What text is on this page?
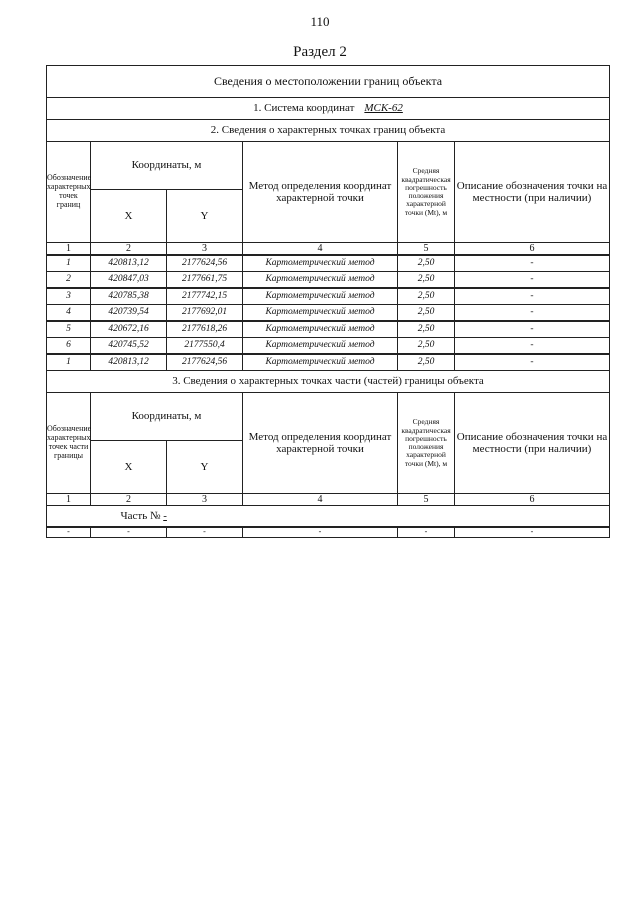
110
Раздел 2
Сведения о местоположении границ объекта					
1. Система координат МСК-62					
2. Сведения о характерных точках границ объекта					
Обозначение характерных точек границ	Координаты, м		Метод определения координат характерной точки	Средняя квадратическая погрешность положения характерной точки (Мt), м	Описание обозначения точки на местности (при наличии)
	X	Y			
1	2	3	4	5	6
1	420813,12	2177624,56	Картометрический метод	2,50	-
2	420847,03	2177661,75	Картометрический метод	2,50	-
3	420785,38	2177742,15	Картометрический метод	2,50	-
4	420739,54	2177692,01	Картометрический метод	2,50	-
5	420672,16	2177618,26	Картометрический метод	2,50	-
6	420745,52	2177550,4	Картометрический метод	2,50	-
1	420813,12	2177624,56	Картометрический метод	2,50	-
3. Сведения о характерных точках части (частей) границы объекта					
Обозначение характерных точек части границы	Координаты, м		Метод определения координат характерной точки	Средняя квадратическая погрешность положения характерной точки (Мt), м	Описание обозначения точки на местности (при наличии)
	X	Y			
1	2	3	4	5	6
	Часть № -				
-	-	-	-	-	-
